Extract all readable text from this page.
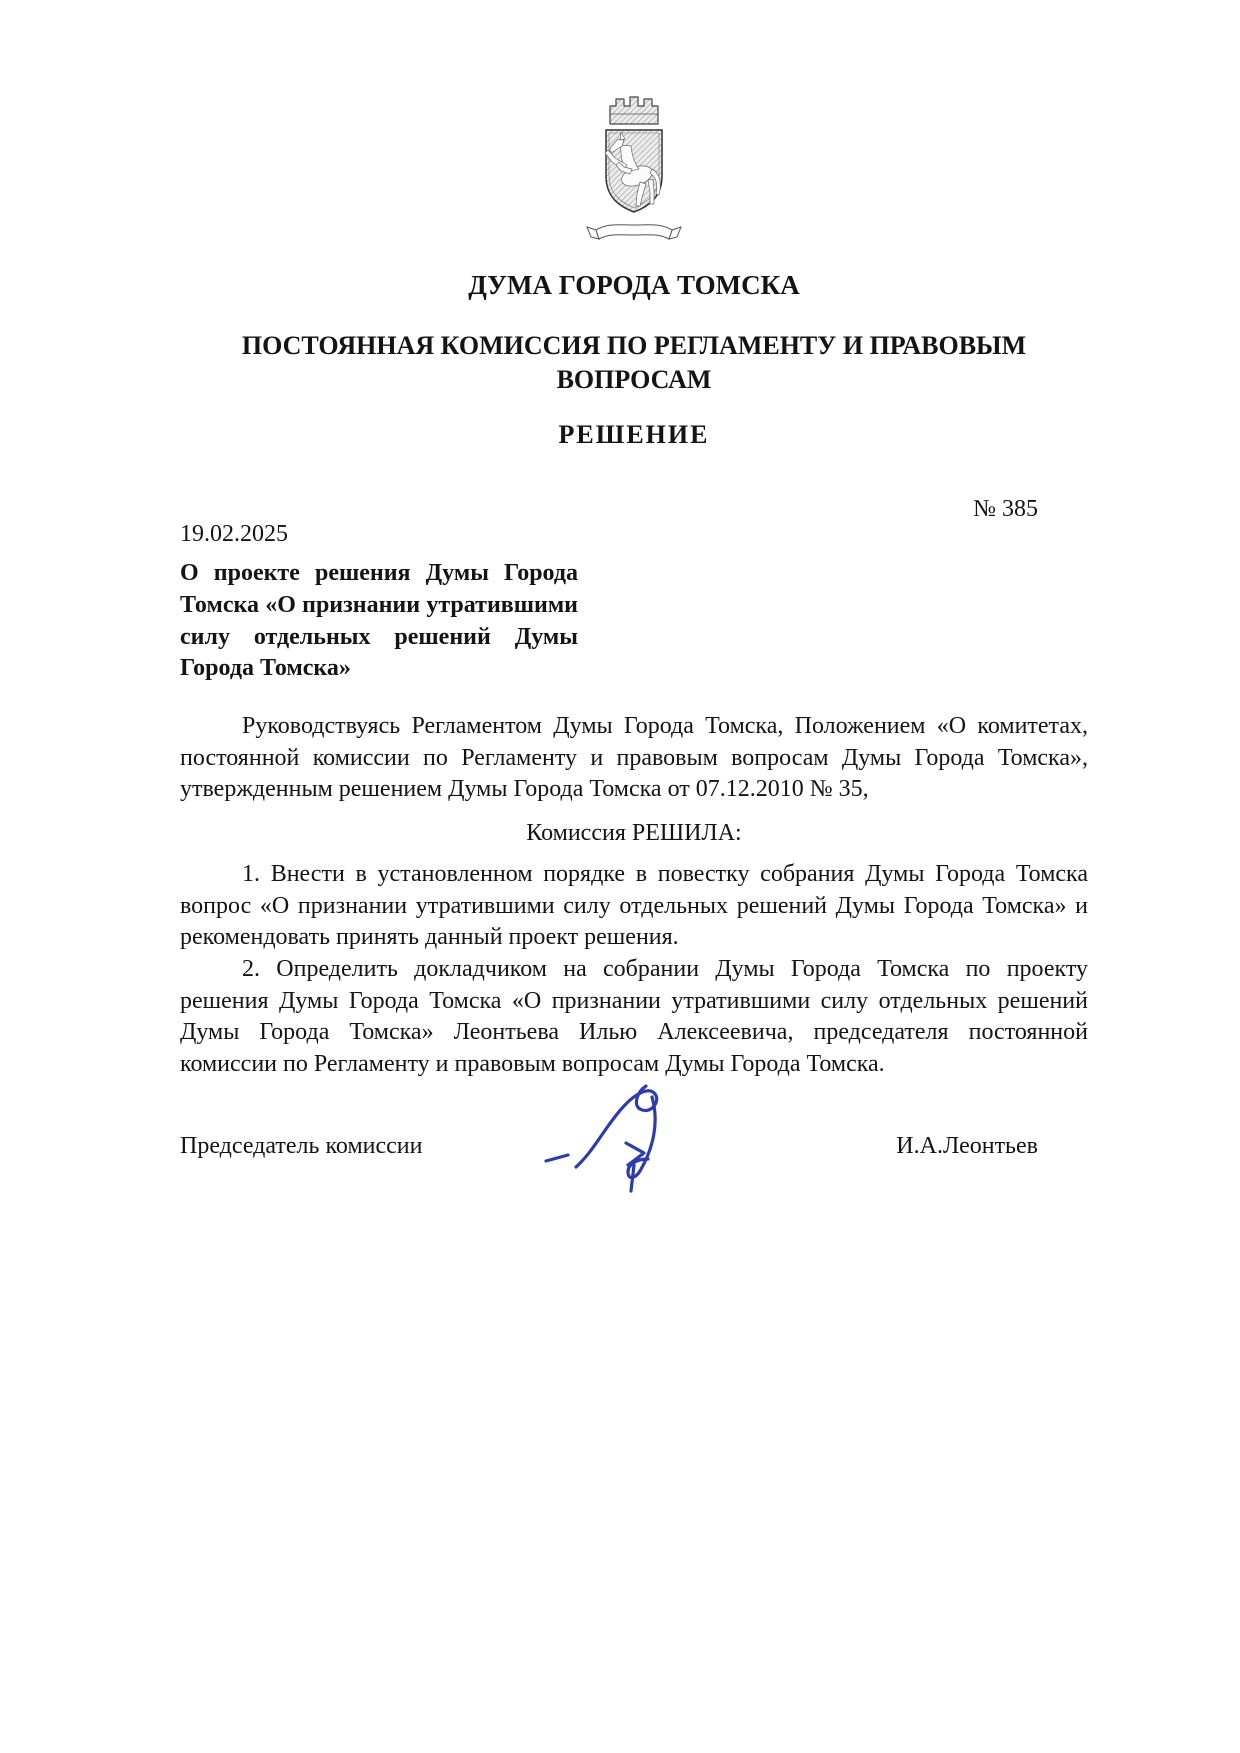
ДУМА ГОРОДА ТОМСКА
ПОСТОЯННАЯ КОМИССИЯ ПО РЕГЛАМЕНТУ И ПРАВОВЫМ ВОПРОСАМ
РЕШЕНИЕ
№ 385
19.02.2025
О проекте решения Думы Города Томска «О признании утратившими силу отдельных решений Думы Города Томска»

Руководствуясь Регламентом Думы Города Томска, Положением «О комитетах, постоянной комиссии по Регламенту и правовым вопросам Думы Города Томска», утвержденным решением Думы Города Томска от 07.12.2010 № 35,

Комиссия РЕШИЛА:

1. Внести в установленном порядке в повестку собрания Думы Города Томска вопрос «О признании утратившими силу отдельных решений Думы Города Томска» и рекомендовать принять данный проект решения.

2. Определить докладчиком на собрании Думы Города Томска по проекту решения Думы Города Томска «О признании утратившими силу отдельных решений Думы Города Томска» Леонтьева Илью Алексеевича, председателя постоянной комиссии по Регламенту и правовым вопросам Думы Города Томска.

Председатель комиссии	И.А.Леонтьев
